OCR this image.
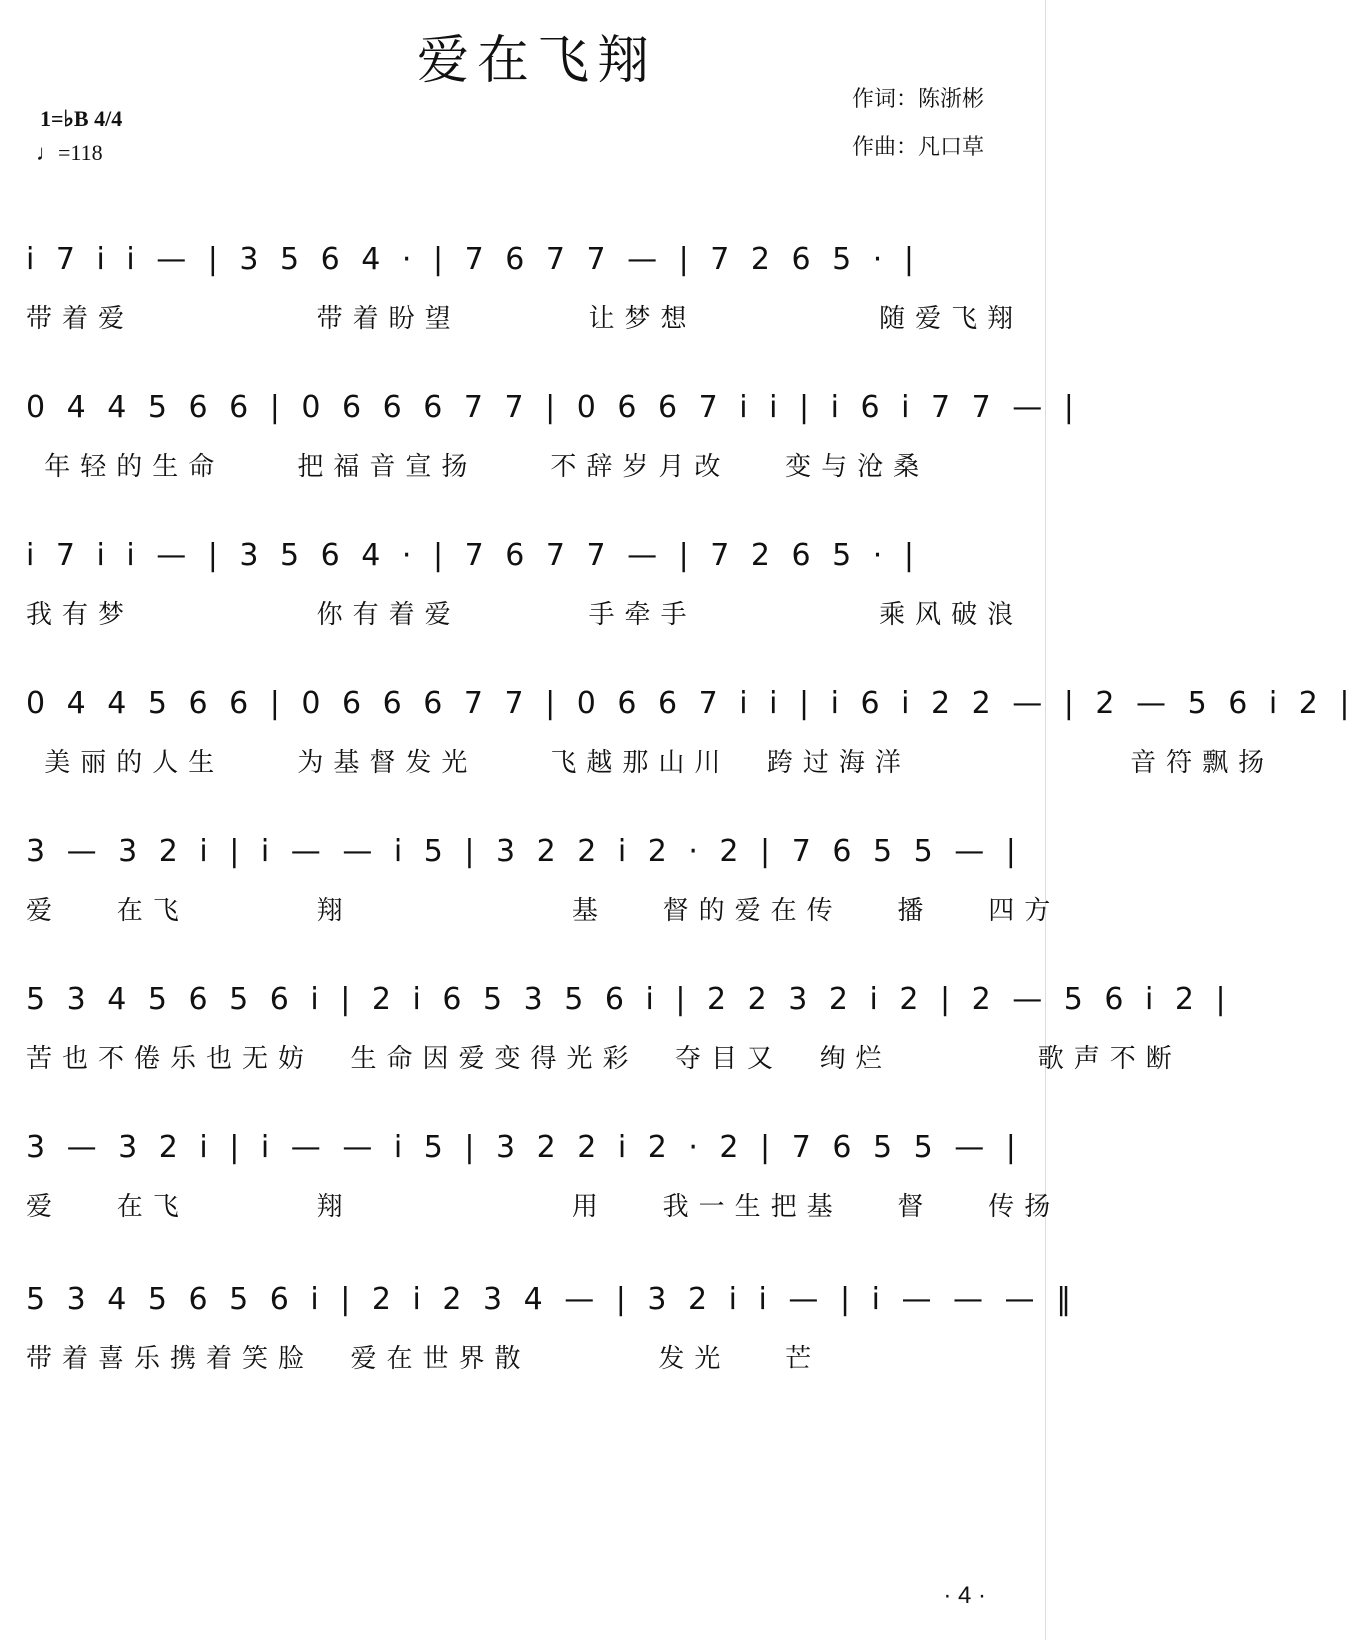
爱在飞翔
1=♭B 4/4
♩=118
作词：陈浙彬
作曲：凡口草
i 7 i i — | 3 5 6 4 · | 7 6 7 7 — | 7 2 6 5 · |
带着爱          带着盼望       让梦想          随爱飞翔
0 4 4 5 6 6 | 0 6 6 6 7 7 | 0 6 6 7 i i | i 6 i 7 7 — |
年轻的生命    把福音宣扬    不辞岁月改   变与沧桑
i 7 i i — | 3 5 6 4 · | 7 6 7 7 — | 7 2 6 5 · |
我有梦          你有着爱       手牵手          乘风破浪
0 4 4 5 6 6 | 0 6 6 6 7 7 | 0 6 6 7 i i | i 6 i 2 2 — | 2 — 5 6 i 2 |
美丽的人生    为基督发光    飞越那山川  跨过海洋            音符飘扬
3 — 3 2 i | i — — i 5 | 3 2 2 i 2 · 2 | 7 6 5 5 — |
爱   在飞       翔            基   督的爱在传   播   四方
5 3 4 5 6 5 6 i | 2 i 6 5 3 5 6 i | 2 2 3 2 i 2 | 2 — 5 6 i 2 |
苦也不倦乐也无妨  生命因爱变得光彩  夺目又  绚烂        歌声不断
3 — 3 2 i | i — — i 5 | 3 2 2 i 2 · 2 | 7 6 5 5 — |
爱   在飞       翔            用   我一生把基   督   传扬
5 3 4 5 6 5 6 i | 2 i 2 3 4 — | 3 2 i i — | i — — — ‖
带着喜乐携着笑脸  爱在世界散       发光   芒
· 4 ·
